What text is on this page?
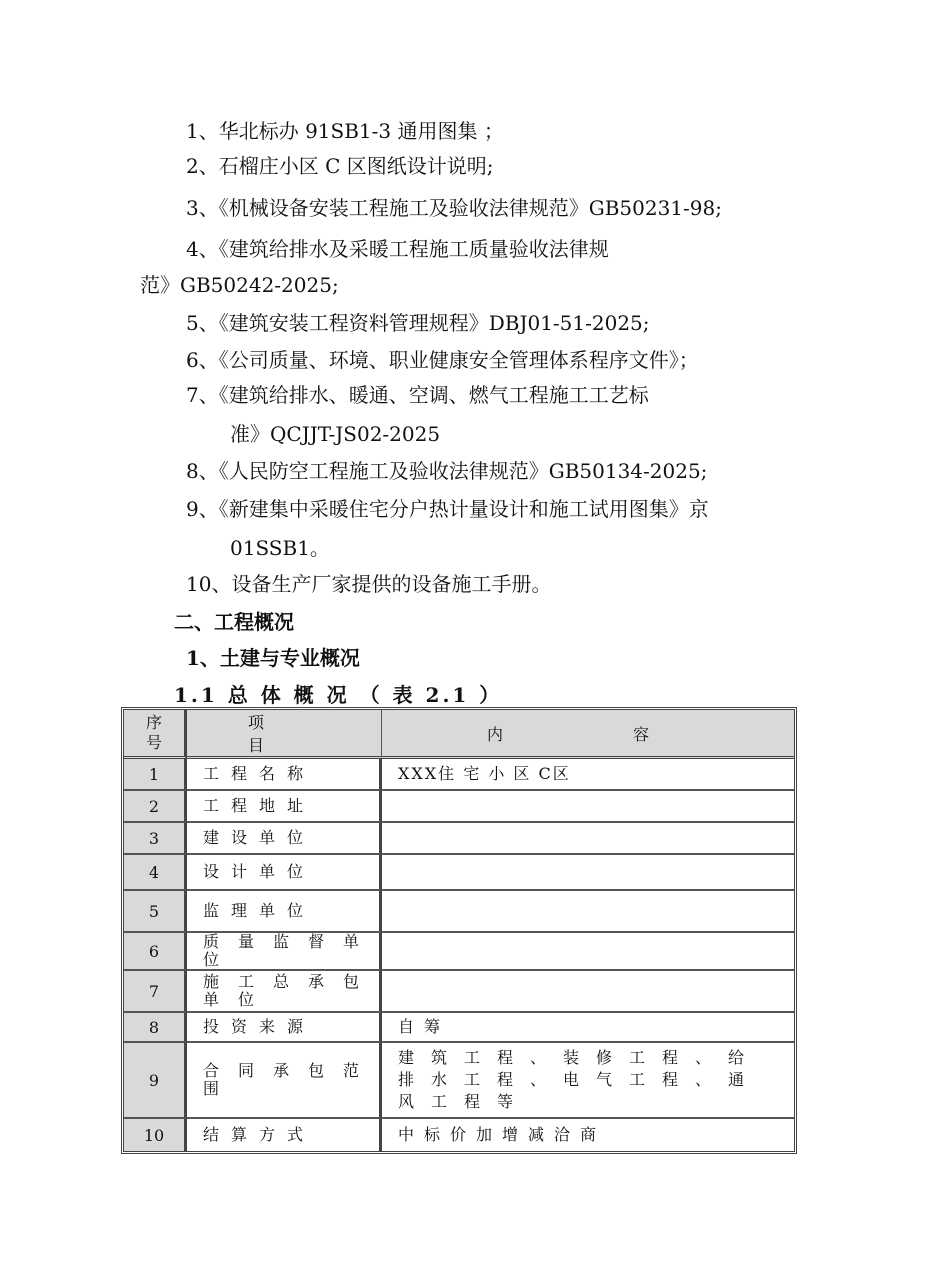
1、华北标办 91SB1-3 通用图集 ；
2、石榴庄小区 C 区图纸设计说明;
3、《机械设备安装工程施工及验收法律规范》GB50231-98;
4、《建筑给排水及采暖工程施工质量验收法律规
范》GB50242-2025;
5、《建筑安装工程资料管理规程》DBJ01-51-2025;
6、《公司质量、环境、职业健康安全管理体系程序文件》；
7、《建筑给排水、暖通、空调、燃气工程施工工艺标
准》QCJJT-JS02-2025
8、《人民防空工程施工及验收法律规范》GB50134-2025;
9、《新建集中采暖住宅分户热计量设计和施工试用图集》京
01SSB1。
10、设备生产厂家提供的设备施工手册。
二、工程概况
1、土建与专业概况
1.1 总 体 概 况 （ 表 2.1 ）
序号	项目	内容
1	工程名称	XXX住 宅 小 区 C区
2	工程地址	
3	建设单位	
4	设计单位	
5	监理单位	
6	质量监督单位	
7	施工总承包单位	
8	投资来源	自筹
9	合同承包范围	建筑工程、装修工程、给排水工程、电气工程、通风工程等
10	结算方式	中标价加增减洽商
